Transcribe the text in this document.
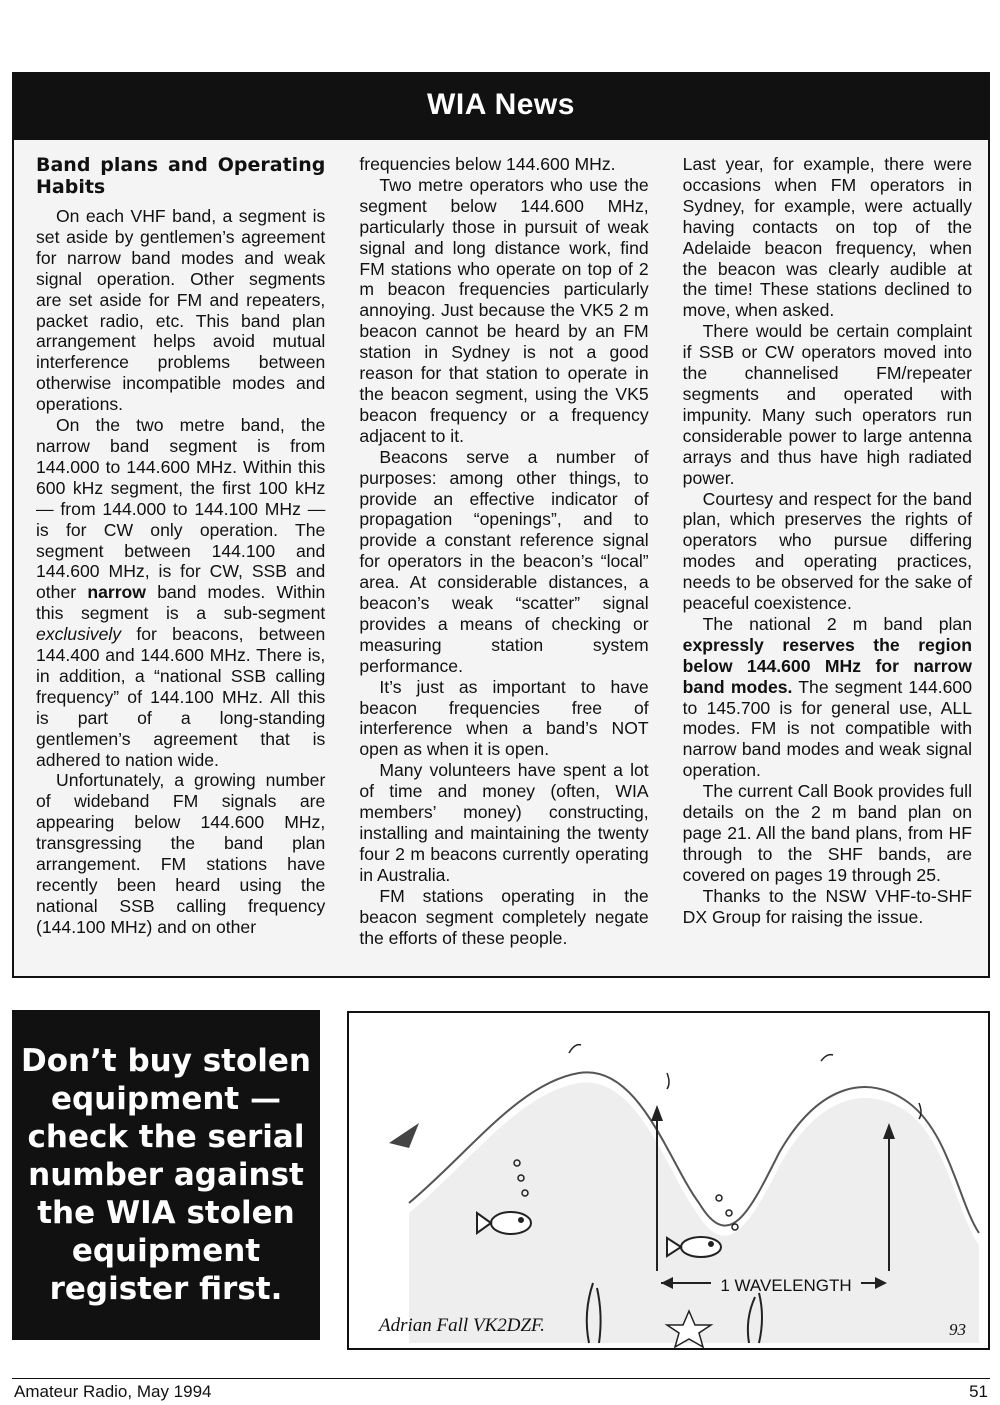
WIA News
Band plans and Operating Habits

On each VHF band, a segment is set aside by gentlemen’s agreement for narrow band modes and weak signal operation. Other segments are set aside for FM and repeaters, packet radio, etc. This band plan arrangement helps avoid mutual interference problems between otherwise incompatible modes and operations.

On the two metre band, the narrow band segment is from 144.000 to 144.600 MHz. Within this 600 kHz segment, the first 100 kHz — from 144.000 to 144.100 MHz — is for CW only operation. The segment between 144.100 and 144.600 MHz, is for CW, SSB and other narrow band modes. Within this segment is a sub-segment exclusively for beacons, between 144.400 and 144.600 MHz. There is, in addition, a “national SSB calling frequency” of 144.100 MHz. All this is part of a long-standing gentlemen’s agreement that is adhered to nation wide.

Unfortunately, a growing number of wideband FM signals are appearing below 144.600 MHz, transgressing the band plan arrangement. FM stations have recently been heard using the national SSB calling frequency (144.100 MHz) and on other

frequencies below 144.600 MHz.

Two metre operators who use the segment below 144.600 MHz, particularly those in pursuit of weak signal and long distance work, find FM stations who operate on top of 2 m beacon frequencies particularly annoying. Just because the VK5 2 m beacon cannot be heard by an FM station in Sydney is not a good reason for that station to operate in the beacon segment, using the VK5 beacon frequency or a frequency adjacent to it.

Beacons serve a number of purposes: among other things, to provide an effective indicator of propagation “openings”, and to provide a constant reference signal for operators in the beacon’s “local” area. At considerable distances, a beacon’s weak “scatter” signal provides a means of checking or measuring station system performance.

It’s just as important to have beacon frequencies free of interference when a band’s NOT open as when it is open.

Many volunteers have spent a lot of time and money (often, WIA members’ money) constructing, installing and maintaining the twenty four 2 m beacons currently operating in Australia.

FM stations operating in the beacon segment completely negate the efforts of these people.

Last year, for example, there were occasions when FM operators in Sydney, for example, were actually having contacts on top of the Adelaide beacon frequency, when the beacon was clearly audible at the time! These stations declined to move, when asked.

There would be certain complaint if SSB or CW operators moved into the channelised FM/repeater segments and operated with impunity. Many such operators run considerable power to large antenna arrays and thus have high radiated power.

Courtesy and respect for the band plan, which preserves the rights of operators who pursue differing modes and operating practices, needs to be observed for the sake of peaceful coexistence.

The national 2 m band plan expressly reserves the region below 144.600 MHz for narrow band modes. The segment 144.600 to 145.700 is for general use, ALL modes. FM is not compatible with narrow band modes and weak signal operation.

The current Call Book provides full details on the 2 m band plan on page 21. All the band plans, from HF through to the SHF bands, are covered on pages 19 through 25.

Thanks to the NSW VHF-to-SHF DX Group for raising the issue.

Don’t buy stolen
equipment —
check the serial
number against
the WIA stolen
equipment
register first.	1 WAVELENGTH
Adrian Fall VK2DZF.	93
Amateur Radio, May 1994	51
